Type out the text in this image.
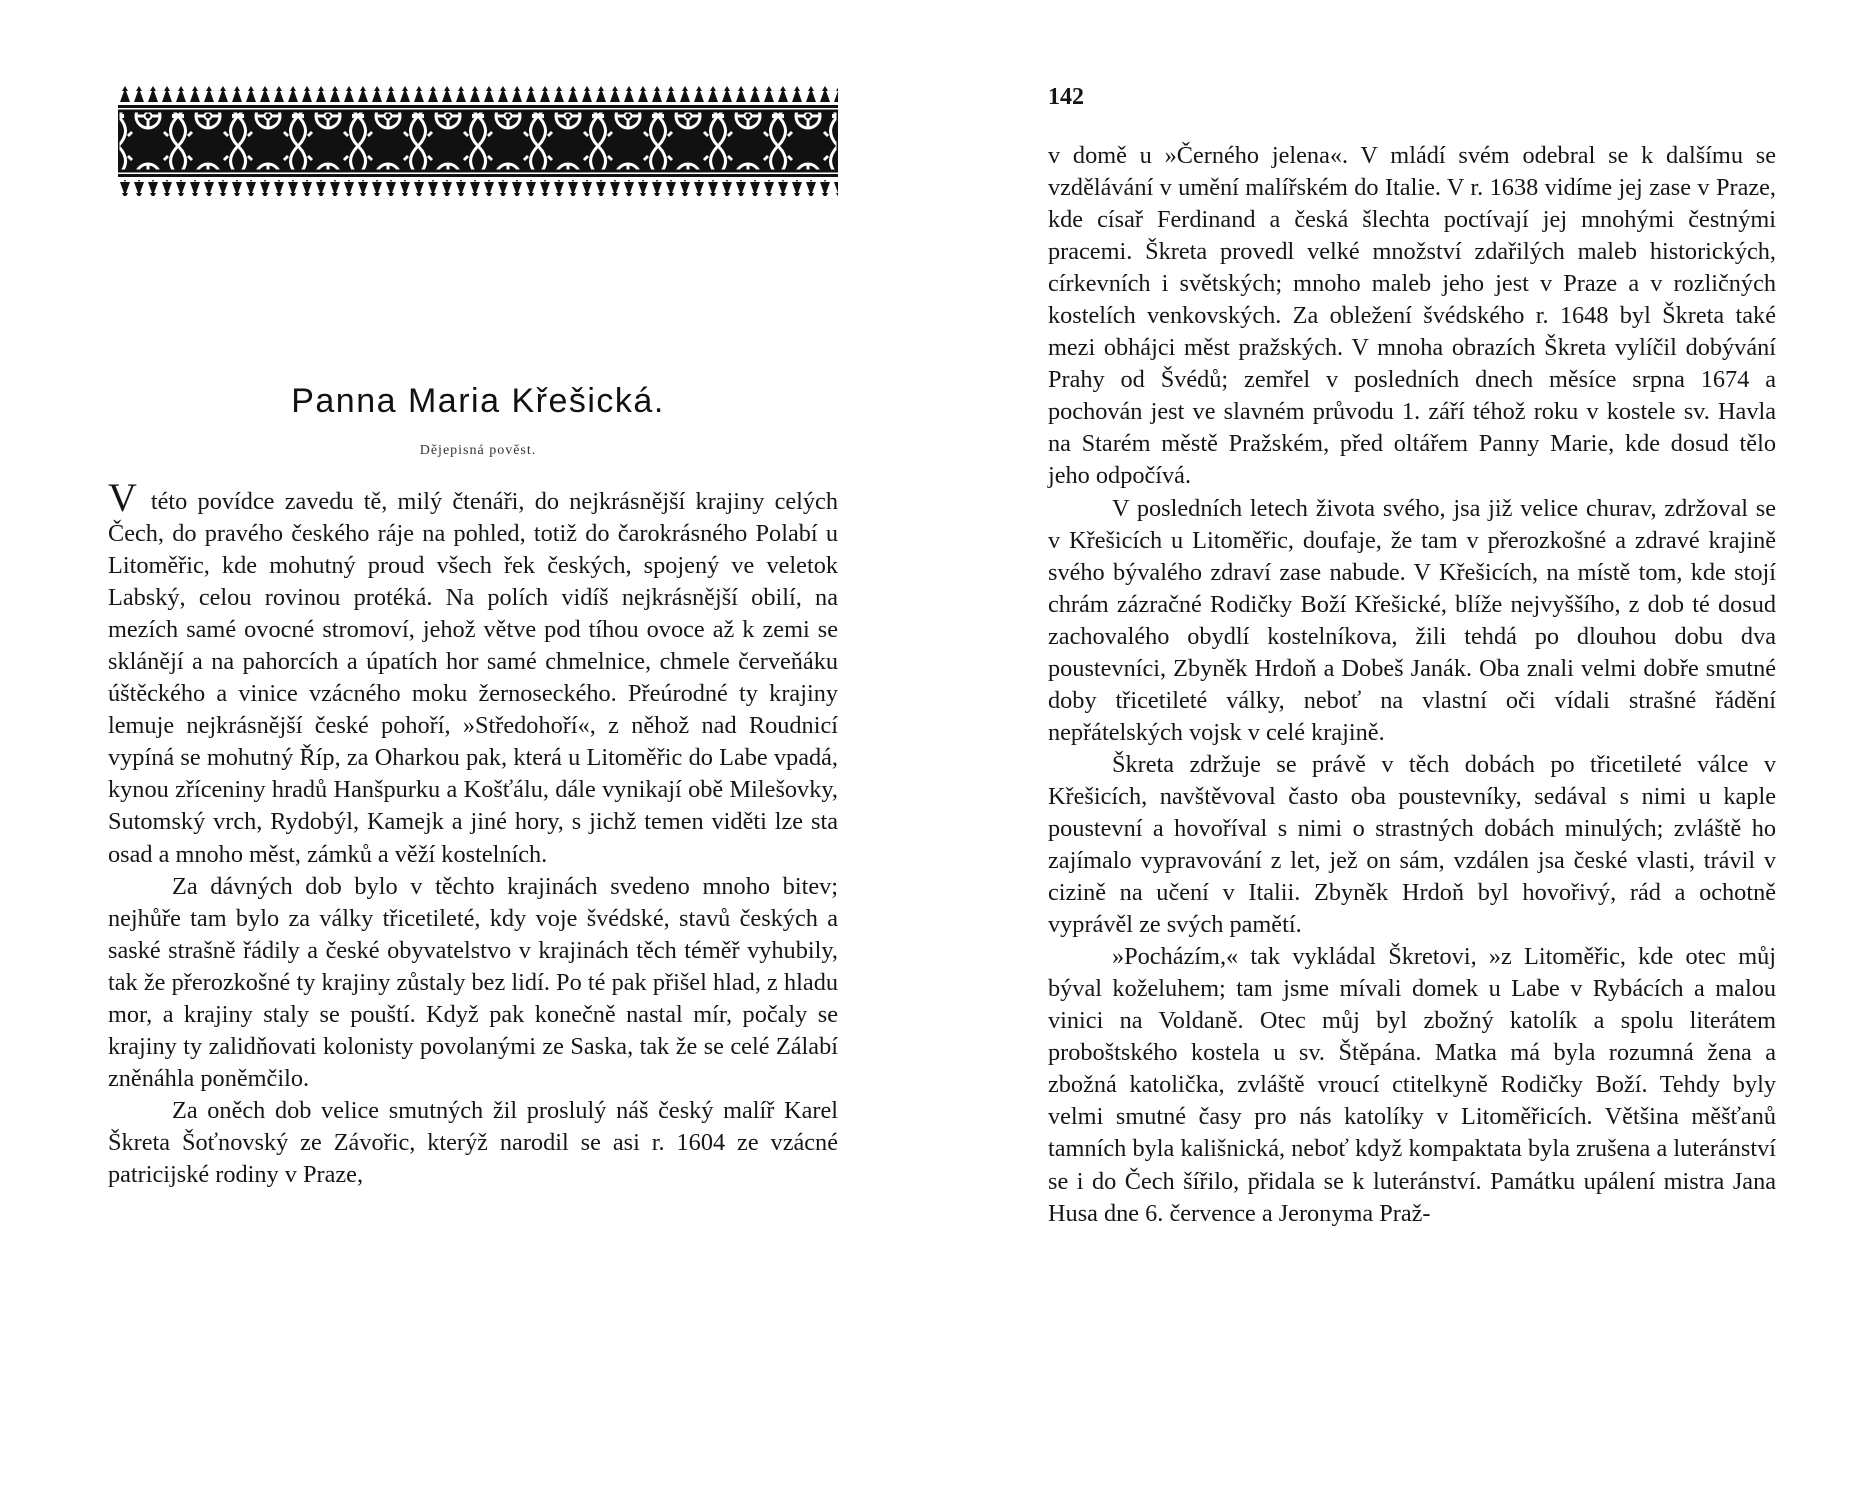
Panna Maria Křešická.
Dějepisná pověst.

Vtéto povídce zavedu tě, milý čtenáři, do nejkrásnější krajiny celých Čech, do pravého českého ráje na pohled, totiž do čarokrásného Polabí u Litoměřic, kde mohutný proud všech řek českých, spojený ve veletok Labský, celou rovinou protéká. Na polích vidíš nejkrásnější obilí, na mezích samé ovocné stromoví, jehož větve pod tíhou ovoce až k zemi se sklánějí a na pahorcích a úpatích hor samé chmelnice, chmele červeňáku úštěckého a vinice vzácného moku žernoseckého. Přeúrodné ty krajiny lemuje nejkrásnější české pohoří, »Středohoří«, z něhož nad Roudnicí vypíná se mohutný Říp, za Oharkou pak, která u Litoměřic do Labe vpadá, kynou zříceniny hradů Hanšpurku a Košťálu, dále vynikají obě Milešovky, Sutomský vrch, Rydobýl, Kamejk a jiné hory, s jichž temen viděti lze sta osad a mnoho měst, zámků a věží kostelních.

Za dávných dob bylo v těchto krajinách svedeno mnoho bitev; nejhůře tam bylo za války třicetileté, kdy voje švédské, stavů českých a saské strašně řádily a české obyvatelstvo v krajinách těch téměř vyhubily, tak že přerozkošné ty krajiny zůstaly bez lidí. Po té pak přišel hlad, z hladu mor, a krajiny staly se pouští. Když pak konečně nastal mír, počaly se krajiny ty zalidňovati kolonisty povolanými ze Saska, tak že se celé Zálabí zněnáhla poněmčilo.

Za oněch dob velice smutných žil proslulý náš český malíř Karel Škreta Šoťnovský ze Závořic, kterýž narodil se asi r. 1604 ze vzácné patricijské rodiny v Praze,

142

v domě u »Černého jelena«. V mládí svém odebral se k dalšímu se vzdělávání v umění malířském do Italie. V r. 1638 vidíme jej zase v Praze, kde císař Ferdinand a česká šlechta poctívají jej mnohými čestnými pracemi. Škreta provedl velké množství zdařilých maleb historických, církevních i světských; mnoho maleb jeho jest v Praze a v rozličných kostelích venkovských. Za obležení švédského r. 1648 byl Škreta také mezi obhájci měst pražských. V mnoha obrazích Škreta vylíčil dobývání Prahy od Švédů; zemřel v posledních dnech měsíce srpna 1674 a pochován jest ve slavném průvodu 1. září téhož roku v kostele sv. Havla na Starém městě Pražském, před oltářem Panny Marie, kde dosud tělo jeho odpočívá.

V posledních letech života svého, jsa již velice churav, zdržoval se v Křešicích u Litoměřic, doufaje, že tam v přerozkošné a zdravé krajině svého bývalého zdraví zase nabude. V Křešicích, na místě tom, kde stojí chrám zázračné Rodičky Boží Křešické, blíže nejvyššího, z dob té dosud zachovalého obydlí kostelníkova, žili tehdá po dlouhou dobu dva poustevníci, Zbyněk Hrdoň a Dobeš Janák. Oba znali velmi dobře smutné doby třicetileté války, neboť na vlastní oči vídali strašné řádění nepřátelských vojsk v celé krajině.

Škreta zdržuje se právě v těch dobách po třicetileté válce v Křešicích, navštěvoval často oba poustevníky, sedával s nimi u kaple poustevní a hovoříval s nimi o strastných dobách minulých; zvláště ho zajímalo vypravování z let, jež on sám, vzdálen jsa české vlasti, trávil v cizině na učení v Italii. Zbyněk Hrdoň byl hovořivý, rád a ochotně vyprávěl ze svých pamětí.

»Pocházím,« tak vykládal Škretovi, »z Litoměřic, kde otec můj býval koželuhem; tam jsme mívali domek u Labe v Rybácích a malou vinici na Voldaně. Otec můj byl zbožný katolík a spolu literátem proboštského kostela u sv. Štěpána. Matka má byla rozumná žena a zbožná katolička, zvláště vroucí ctitelkyně Rodičky Boží. Tehdy byly velmi smutné časy pro nás katolíky v Litoměřicích. Většina měšťanů tamních byla kališnická, neboť když kompaktata byla zrušena a luteránství se i do Čech šířilo, přidala se k luteránství. Památku upálení mistra Jana Husa dne 6. července a Jeronyma Praž-
